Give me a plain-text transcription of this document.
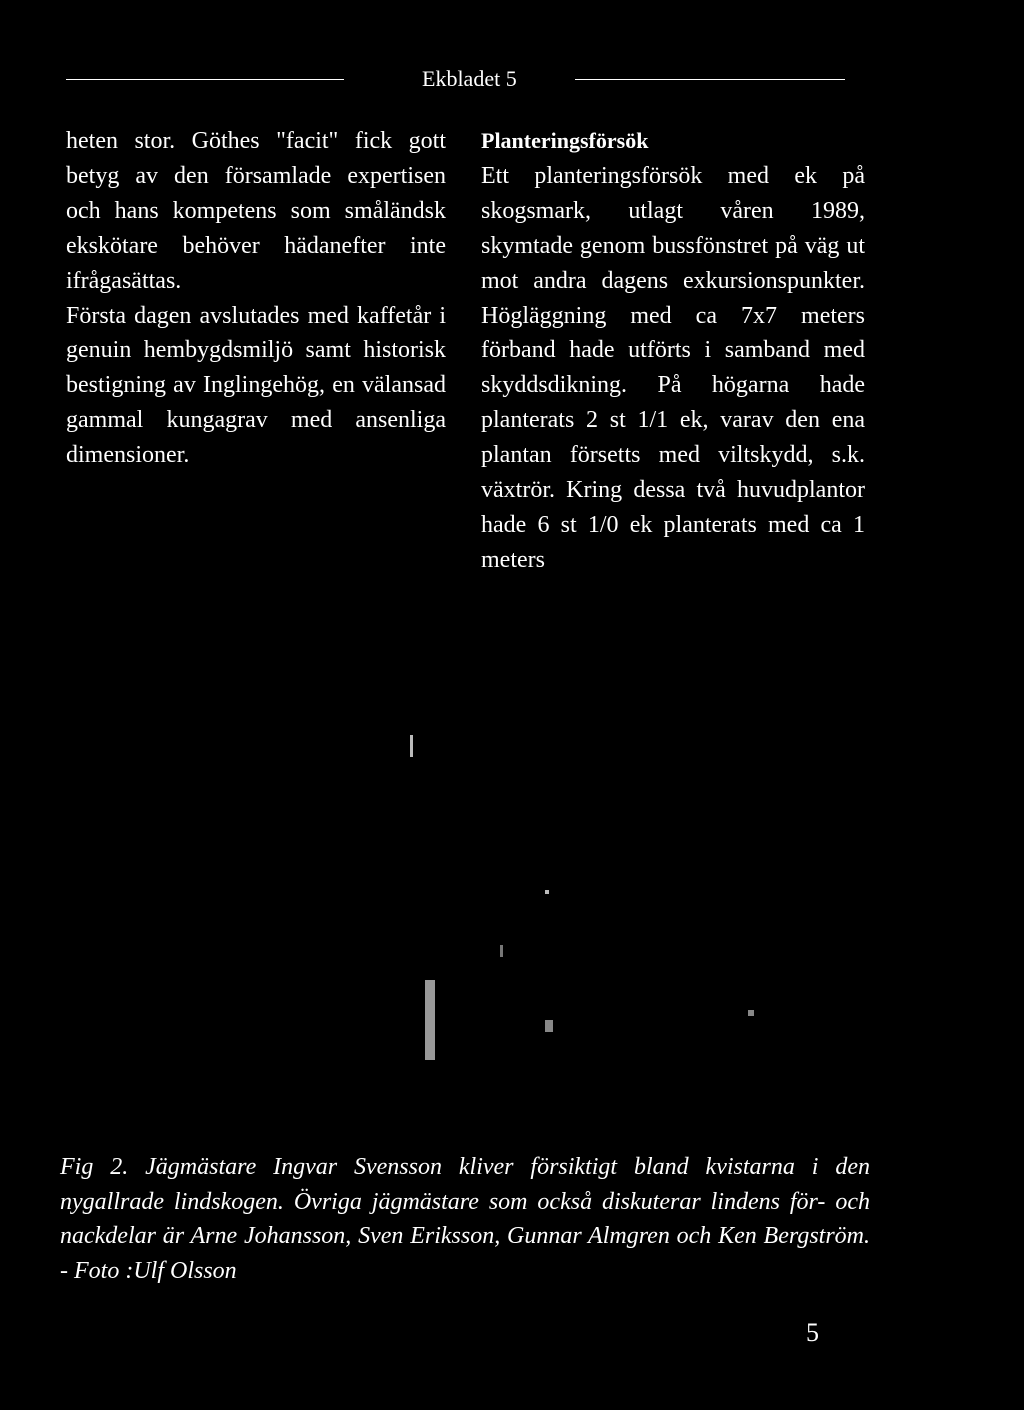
Ekbladet 5

heten stor. Göthes "facit" fick gott betyg av den församlade expertisen och hans kompetens som småländsk ekskötare behöver hädanefter inte ifrågasättas.

Första dagen avslutades med kaffetår i genuin hembygdsmiljö samt historisk bestigning av Inglingehög, en välansad gammal kungagrav med ansenliga dimensioner.

Planteringsförsök

Ett planteringsförsök med ek på skogsmark, utlagt våren 1989, skymtade genom bussfönstret på väg ut mot andra dagens exkursionspunkter. Högläggning med ca 7x7 meters förband hade utförts i samband med skyddsdikning. På högarna hade planterats 2 st 1/1 ek, varav den ena plantan försetts med viltskydd, s.k. växtrör. Kring dessa två huvudplantor hade 6 st 1/0 ek planterats med ca 1 meters

Fig 2. Jägmästare Ingvar Svensson kliver försiktigt bland kvistarna i den nygallrade lindskogen. Övriga jägmästare som också diskuterar lindens för- och nackdelar är Arne Johansson, Sven Eriksson, Gunnar Almgren och Ken Bergström. - Foto :Ulf Olsson
5
